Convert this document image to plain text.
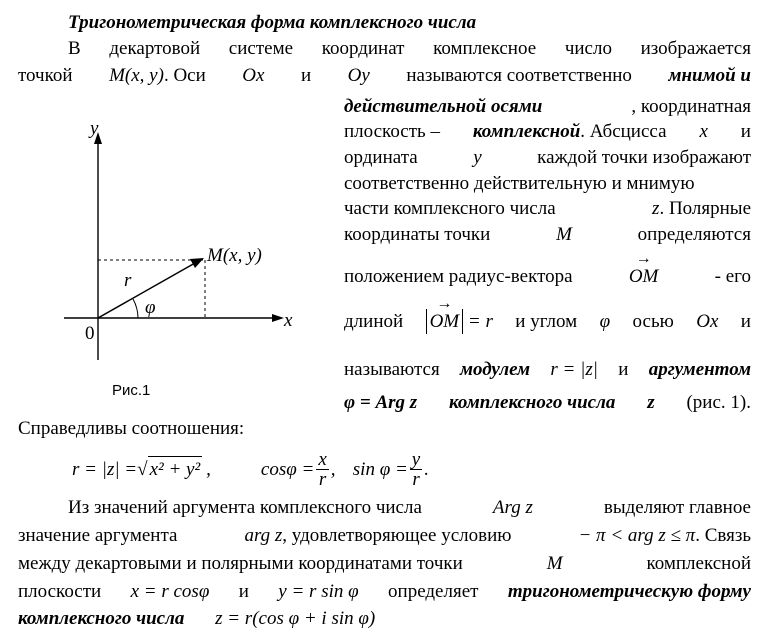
Тригонометрическая форма комплексного числа
В декартовой системе координат комплексное число изображается
точкой M(x, y). Оси Ox и Oy называются соответственно мнимой и
действительной осями	, координатная
плоскость – комплексной. Абсцисса x и
ордината	y	каждой точки изображают
соответственно действительную и мнимую
части комплексного числа	z. Полярные
координаты точки	M	определяются
положением радиус-вектора
→
OM	- его
длиной
→
OM = r и углом φ осью Ox и
называются модулем r = |z| и аргументом
φ = Arg z комплексного числа z (рис. 1).
y
x
0
r
φ
M(x, y)
Рис.1
Справедливы соотношения:
r = |z| = √ x² + y² ,	$\cos\varphi = \frac{x}{r}$ , $\sin \varphi = \frac{y}{r}$ .
Из значений аргумента комплексного числа	Arg z	выделяют главное
значение аргумента	arg z, удовлетворяющее условию	− π < arg z ≤ π. Связь
между декартовыми и полярными координатами точки	M	комплексной
плоскости x = r cosφ и y = r sin φ определяет тригонометрическую форму
комплексного числа z = r(cos φ + i sin φ)
